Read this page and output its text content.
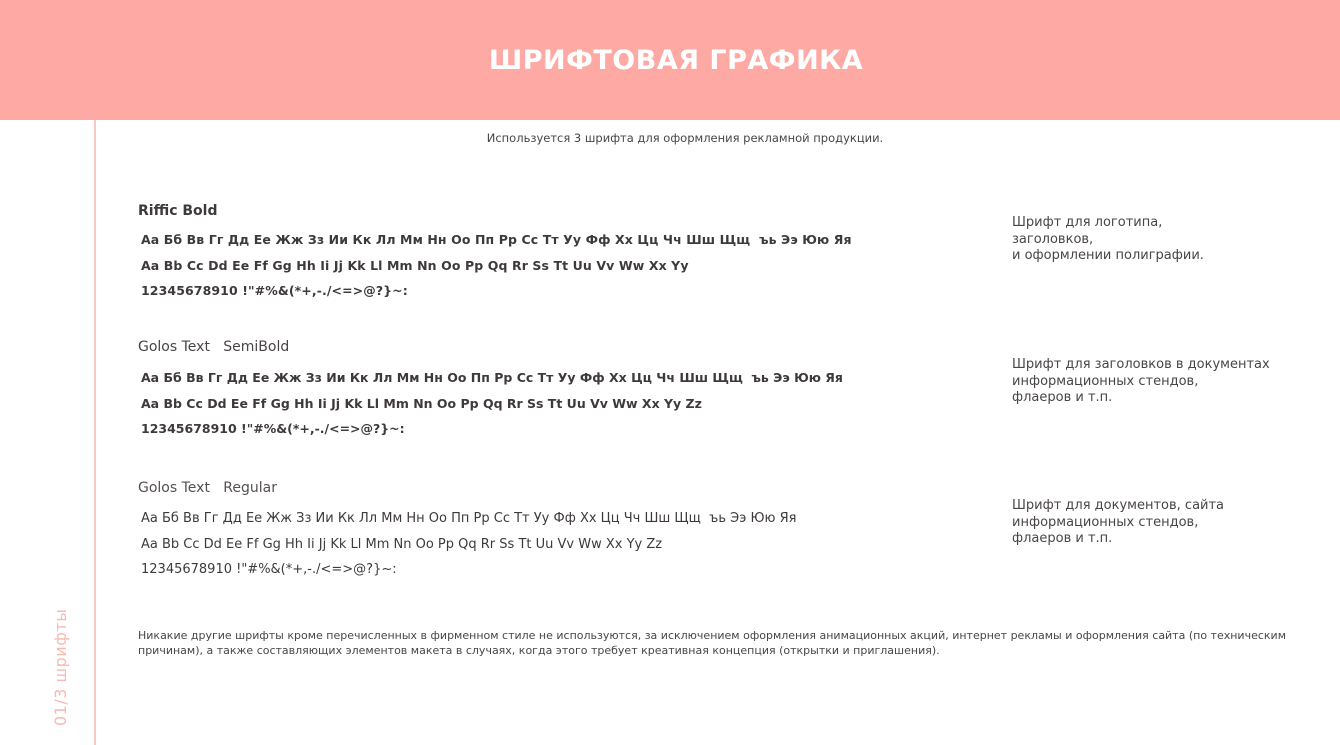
ШРИФТОВАЯ ГРАФИКА
01/3 шрифты
Используется 3 шрифта для оформления рекламной продукции.
Riffic Bold
Аа Бб Вв Гг Дд Ее Жж Зз Ии Кк Лл Мм Нн Оо Пп Рр Сс Тт Уу Фф Хх Цц Чч Шш Щщ  ъь Ээ Юю Яя
Aa Bb Cc Dd Ee Ff Gg Hh Ii Jj Kk Ll Mm Nn Oo Pp Qq Rr Ss Tt Uu Vv Ww Xx Yy
12345678910 !"#%&(*+,-./<=>@?}~:
Шрифт для логотипа,
заголовков,
и оформлении полиграфии.
Golos Text   SemiBold
Аа Бб Вв Гг Дд Ее Жж Зз Ии Кк Лл Мм Нн Оо Пп Рр Сс Тт Уу Фф Хх Цц Чч Шш Щщ  ъь Ээ Юю Яя
Aa Bb Cc Dd Ee Ff Gg Hh Ii Jj Kk Ll Mm Nn Oo Pp Qq Rr Ss Tt Uu Vv Ww Xx Yy Zz
12345678910 !"#%&(*+,-./<=>@?}~:
Шрифт для заголовков в документах
информационных стендов,
флаеров и т.п.
Golos Text   Regular
Аа Бб Вв Гг Дд Ее Жж Зз Ии Кк Лл Мм Нн Оо Пп Рр Сс Тт Уу Фф Хх Цц Чч Шш Щщ  ъь Ээ Юю Яя
Aa Bb Cc Dd Ee Ff Gg Hh Ii Jj Kk Ll Mm Nn Oo Pp Qq Rr Ss Tt Uu Vv Ww Xx Yy Zz
12345678910 !"#%&(*+,-./<=>@?}~:
Шрифт для документов, сайта
информационных стендов,
флаеров и т.п.
Никакие другие шрифты кроме перечисленных в фирменном стиле не используются, за исключением оформления анимационных акций, интернет рекламы и оформления сайта (по техническим причинам), а также составляющих элементов макета в случаях, когда этого требует креативная концепция (открытки и приглашения).
